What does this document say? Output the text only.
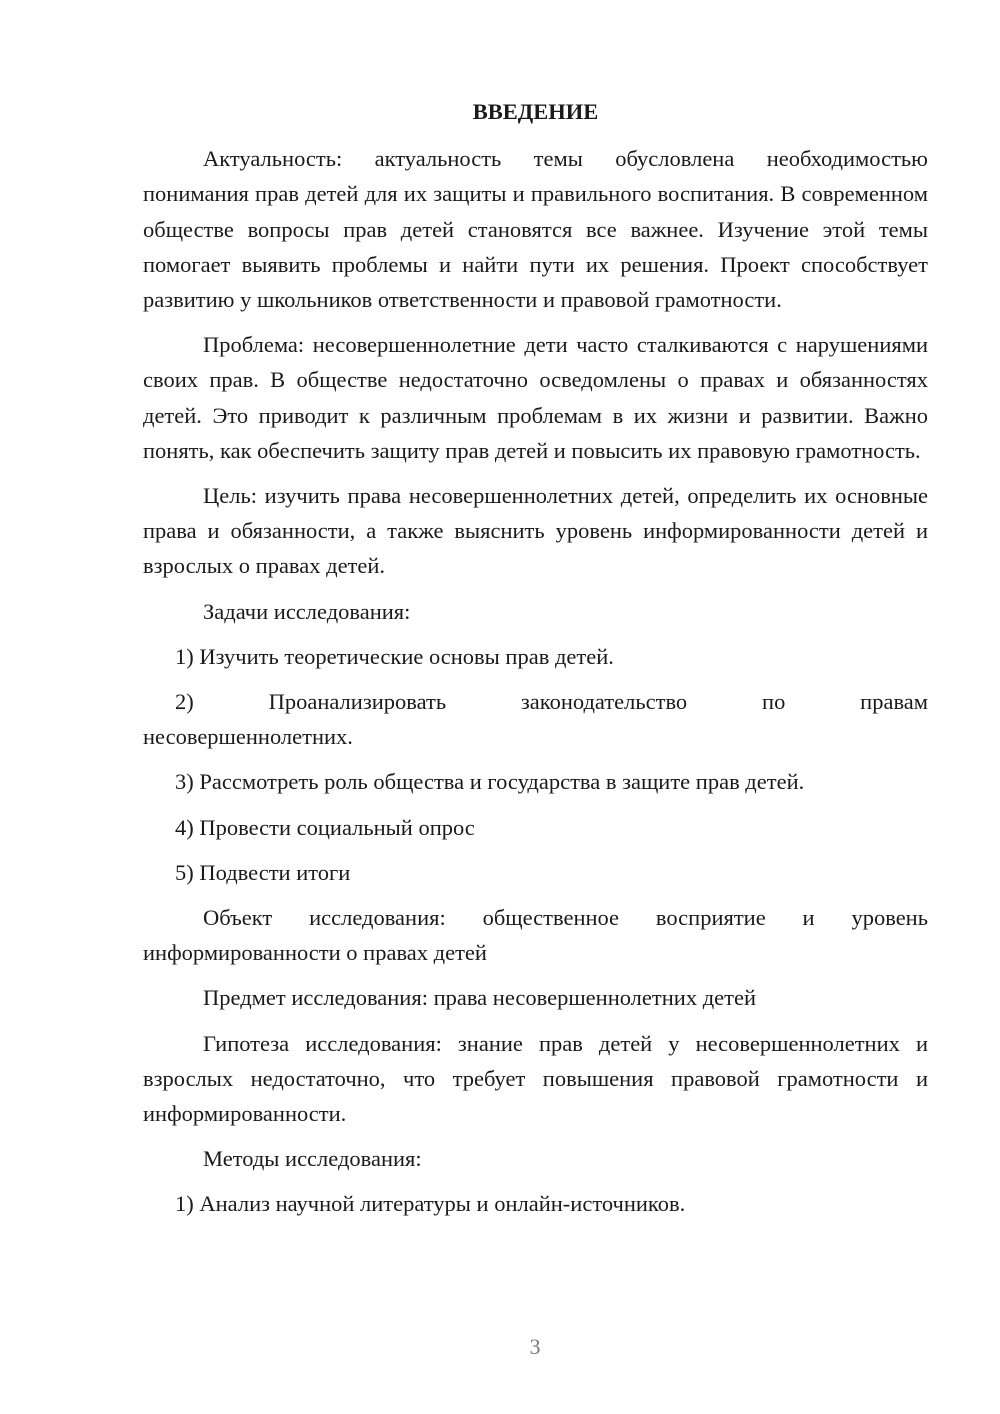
ВВЕДЕНИЕ

Актуальность: актуальность темы обусловлена необходимостью понимания прав детей для их защиты и правильного воспитания. В современном обществе вопросы прав детей становятся все важнее. Изучение этой темы помогает выявить проблемы и найти пути их решения. Проект способствует развитию у школьников ответственности и правовой грамотности.

Проблема: несовершеннолетние дети часто сталкиваются с нарушениями своих прав. В обществе недостаточно осведомлены о правах и обязанностях детей. Это приводит к различным проблемам в их жизни и развитии. Важно понять, как обеспечить защиту прав детей и повысить их правовую грамотность.

Цель: изучить права несовершеннолетних детей, определить их основные права и обязанности, а также выяснить уровень информированности детей и взрослых о правах детей.

Задачи исследования:

1) Изучить теоретические основы прав детей.

2) Проанализировать законодательство по правам несовершеннолетних.

3) Рассмотреть роль общества и государства в защите прав детей.

4) Провести социальный опрос

5) Подвести итоги

Объект исследования: общественное восприятие и уровень информированности о правах детей

Предмет исследования: права несовершеннолетних детей

Гипотеза исследования: знание прав детей у несовершеннолетних и взрослых недостаточно, что требует повышения правовой грамотности и информированности.

Методы исследования:

1) Анализ научной литературы и онлайн-источников.

3
